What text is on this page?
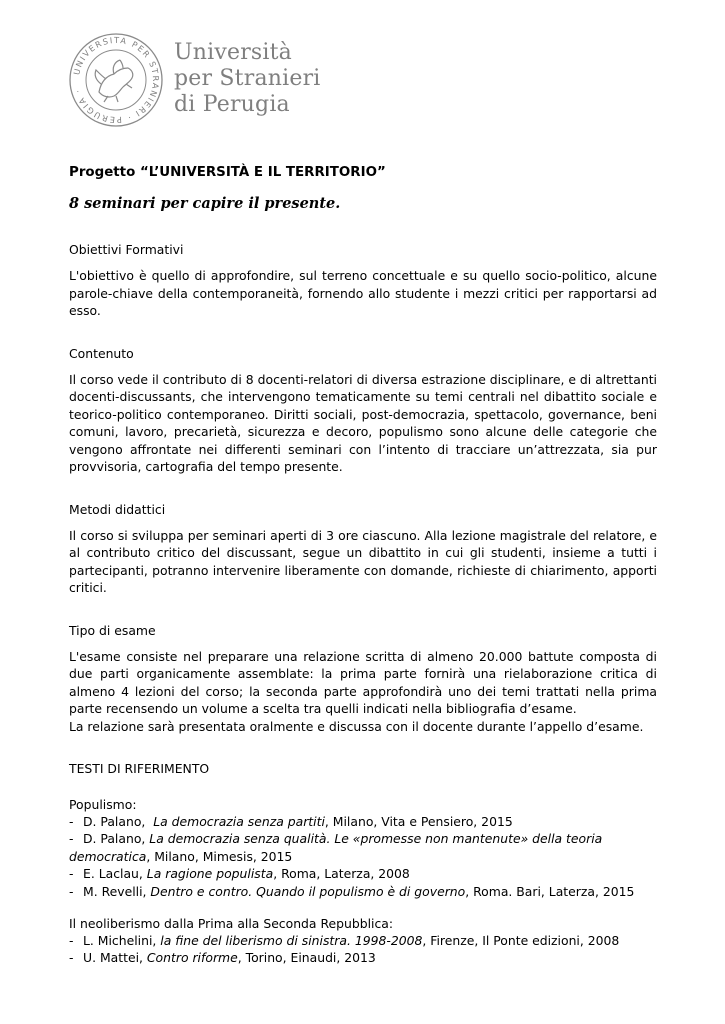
UNIVERSITA PER STRANIERI · PERUGIA ·
Università
per Stranieri
di Perugia

Progetto “L’UNIVERSITÀ E IL TERRITORIO”

8 seminari per capire il presente.

Obiettivi Formativi

L'obiettivo è quello di approfondire, sul terreno concettuale e su quello socio-politico, alcune parole-chiave della contemporaneità, fornendo allo studente i mezzi critici per rapportarsi ad esso.

Contenuto

Il corso vede il contributo di 8 docenti-relatori di diversa estrazione disciplinare, e di altrettanti docenti-discussants, che intervengono tematicamente su temi centrali nel dibattito sociale e teorico-politico contemporaneo. Diritti sociali, post-democrazia, spettacolo, governance, beni comuni, lavoro, precarietà, sicurezza e decoro, populismo sono alcune delle categorie che vengono affrontate nei differenti seminari con l’intento di tracciare un’attrezzata, sia pur provvisoria, cartografia del tempo presente.

Metodi didattici

Il corso si sviluppa per seminari aperti di 3 ore ciascuno. Alla lezione magistrale del relatore, e al contributo critico del discussant, segue un dibattito in cui gli studenti, insieme a tutti i partecipanti, potranno intervenire liberamente con domande, richieste di chiarimento, apporti critici.

Tipo di esame

L'esame consiste nel preparare una relazione scritta di almeno 20.000 battute composta di due parti organicamente assemblate: la prima parte fornirà una rielaborazione critica di almeno 4 lezioni del corso; la seconda parte approfondirà uno dei temi trattati nella prima parte recensendo un volume a scelta tra quelli indicati nella bibliografia d’esame.

La relazione sarà presentata oralmente e discussa con il docente durante l’appello d’esame.

TESTI DI RIFERIMENTO

Populismo:

- D. Palano, La democrazia senza partiti, Milano, Vita e Pensiero, 2015
- D. Palano, La democrazia senza qualità. Le «promesse non mantenute» della teoria democratica, Milano, Mimesis, 2015
- E. Laclau, La ragione populista, Roma, Laterza, 2008
- M. Revelli, Dentro e contro. Quando il populismo è di governo, Roma. Bari, Laterza, 2015

Il neoliberismo dalla Prima alla Seconda Repubblica:

- L. Michelini, la fine del liberismo di sinistra. 1998-2008, Firenze, Il Ponte edizioni, 2008
- U. Mattei, Contro riforme, Torino, Einaudi, 2013
